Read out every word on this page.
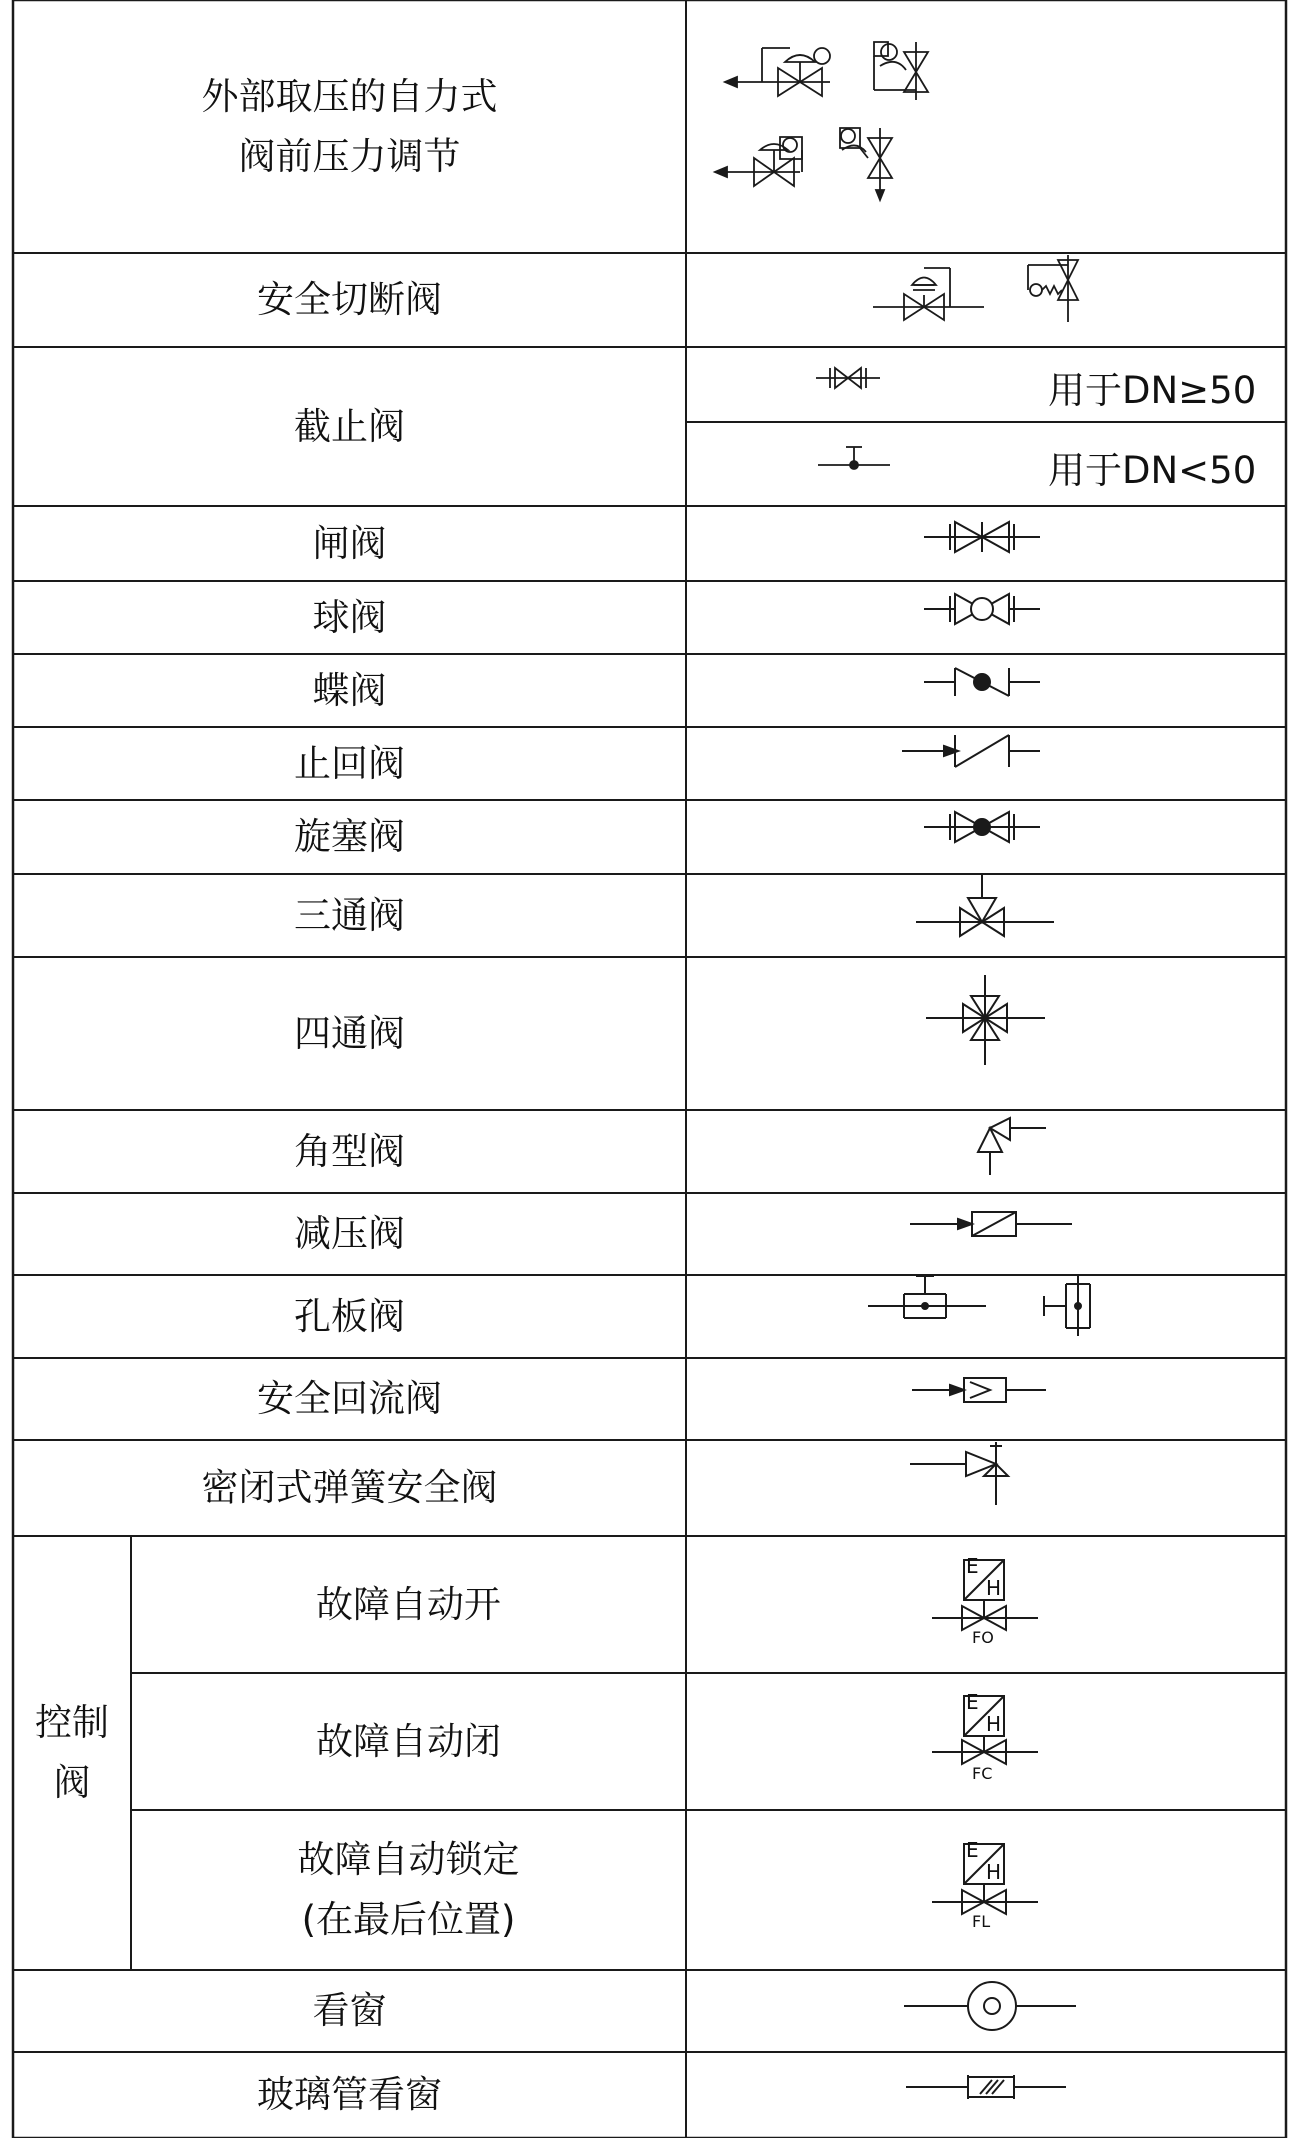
E
H
FO
E
H
FC
E
H
FL
外部取压的自力式
阀前压力调节
安全切断阀
截止阀
用于DN≥50
用于DN<50
闸阀
球阀
蝶阀
止回阀
旋塞阀
三通阀
四通阀
角型阀
减压阀
孔板阀
安全回流阀
密闭式弹簧安全阀
控制
阀
故障自动开
故障自动闭
故障自动锁定
(在最后位置)
看窗
玻璃管看窗
